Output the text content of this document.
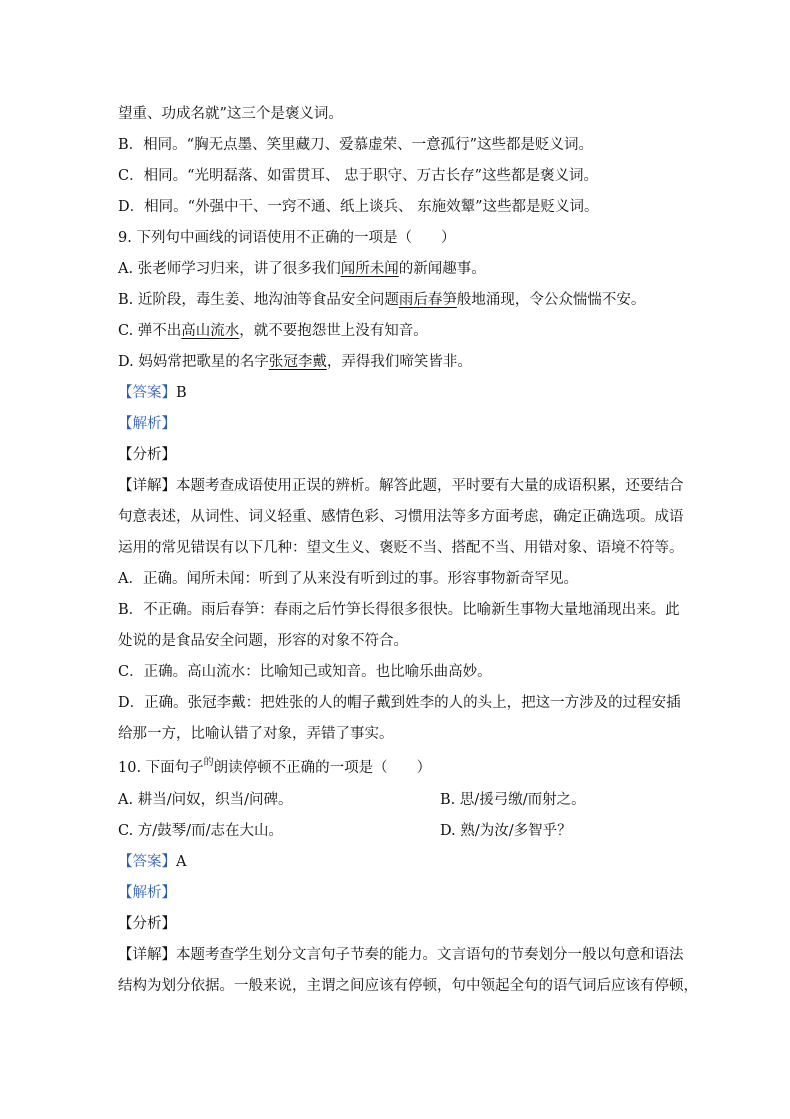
望重、功成名就”这三个是褒义词。
B．相同。“胸无点墨、笑里藏刀、爱慕虚荣、一意孤行”这些都是贬义词。
C．相同。“光明磊落、如雷贯耳、 忠于职守、万古长存”这些都是褒义词。
D．相同。“外强中干、一窍不通、纸上谈兵、 东施效颦”这些都是贬义词。
9. 下列句中画线的词语使用不正确的一项是（　　）
A. 张老师学习归来，讲了很多我们闻所未闻的新闻趣事。
B. 近阶段，毒生姜、地沟油等食品安全问题雨后春笋般地涌现，令公众惴惴不安。
C. 弹不出高山流水，就不要抱怨世上没有知音。
D. 妈妈常把歌星的名字张冠李戴，弄得我们啼笑皆非。
【答案】B
【解析】
【分析】
【详解】本题考查成语使用正误的辨析。解答此题，平时要有大量的成语积累，还要结合
句意表述，从词性、词义轻重、感情色彩、习惯用法等多方面考虑，确定正确选项。成语
运用的常见错误有以下几种：望文生义、褒贬不当、搭配不当、用错对象、语境不符等。
A．正确。闻所未闻：听到了从来没有听到过的事。形容事物新奇罕见。
B．不正确。雨后春笋：春雨之后竹笋长得很多很快。比喻新生事物大量地涌现出来。此
处说的是食品安全问题，形容的对象不符合。
C．正确。高山流水：比喻知己或知音。也比喻乐曲高妙。
D．正确。张冠李戴：把姓张的人的帽子戴到姓李的人的头上，把这一方涉及的过程安插
给那一方，比喻认错了对象，弄错了事实。
10. 下面句子$^的$朗读停顿不正确的一项是（　　）
A. 耕当/问奴，织当/问碑。	B. 思/援弓缴/而射之。
C. 方/鼓琴/而/志在大山。	D. 熟/为汝/多智乎？
【答案】A
【解析】
【分析】
【详解】本题考查学生划分文言句子节奏的能力。文言语句的节奏划分一般以句意和语法
结构为划分依据。一般来说，主谓之间应该有停顿，句中领起全句的语气词后应该有停顿，
